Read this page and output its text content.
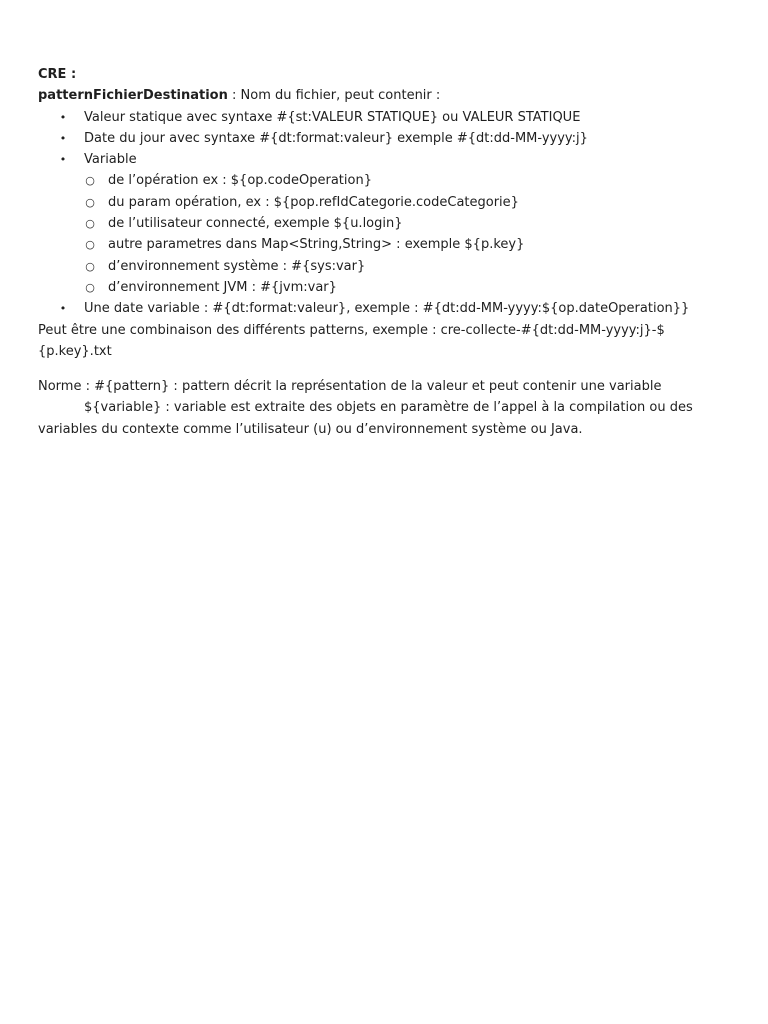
CRE :
patternFichierDestination : Nom du fichier, peut contenir :
• Valeur statique avec syntaxe #{st:VALEUR STATIQUE} ou VALEUR STATIQUE
• Date du jour avec syntaxe #{dt:format:valeur} exemple #{dt:dd-MM-yyyy:j}
• Variable
○ de l’opération ex : ${op.codeOperation}
○ du param opération, ex : ${pop.refIdCategorie.codeCategorie}
○ de l’utilisateur connecté, exemple ${u.login}
○ autre parametres dans Map<String,String> : exemple ${p.key}
○ d’environnement système : #{sys:var}
○ d’environnement JVM : #{jvm:var}
• Une date variable : #{dt:format:valeur}, exemple : #{dt:dd-MM-yyyy:${op.dateOperation}}
Peut être une combinaison des différents patterns, exemple : cre-collecte-#{dt:dd-MM-yyyy:j}-$
{p.key}.txt
Norme : #{pattern} : pattern décrit la représentation de la valeur et peut contenir une variable
${variable} : variable est extraite des objets en paramètre de l’appel à la compilation ou des variables du contexte comme l’utilisateur (u) ou d’environnement système ou Java.
